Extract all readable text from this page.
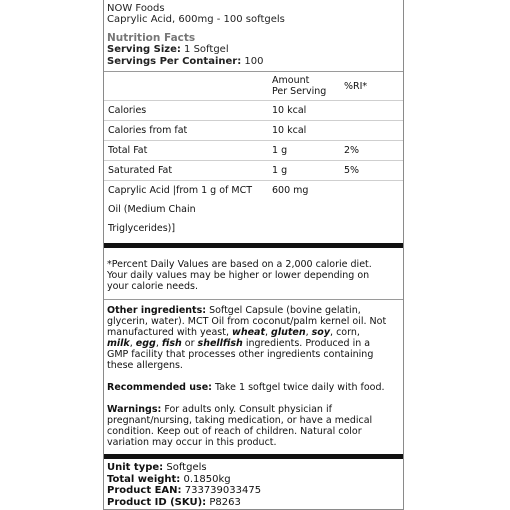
NOW Foods
Caprylic Acid, 600mg - 100 softgels
Nutrition Facts
Serving Size: 1 Softgel
Servings Per Container: 100
	Amount
Per Serving	%RI*
Calories	10 kcal	
Calories from fat	10 kcal	
Total Fat	1 g	2%
Saturated Fat	1 g	5%
Caprylic Acid |from 1 g of MCT	600 mg	
Oil (Medium Chain		
Triglycerides)]		
*Percent Daily Values are based on a 2,000 calorie diet.
Your daily values may be higher or lower depending on
your calorie needs.
Other ingredients: Softgel Capsule (bovine gelatin,
glycerin, water). MCT Oil from coconut/palm kernel oil. Not
manufactured with yeast, wheat, gluten, soy, corn,
milk, egg, fish or shellfish ingredients. Produced in a
GMP facility that processes other ingredients containing
these allergens.
Recommended use: Take 1 softgel twice daily with food.
Warnings: For adults only. Consult physician if
pregnant/nursing, taking medication, or have a medical
condition. Keep out of reach of children. Natural color
variation may occur in this product.
Unit type: Softgels
Total weight: 0.1850kg
Product EAN: 733739033475
Product ID (SKU): P8263
